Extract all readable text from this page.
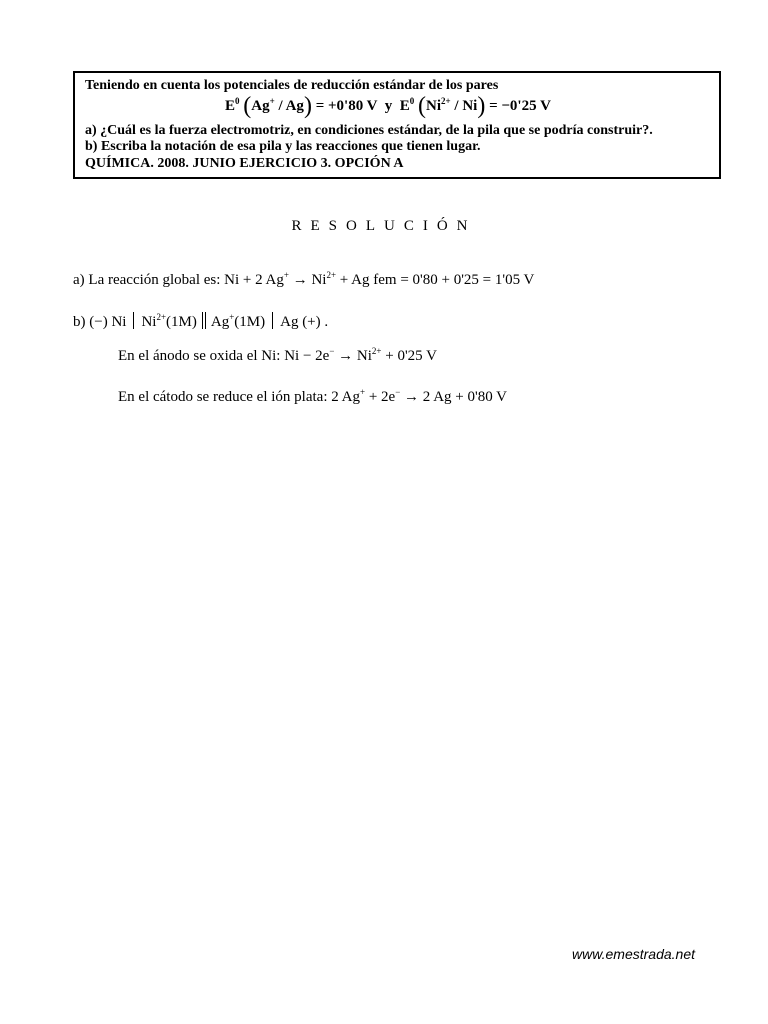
Teniendo en cuenta los potenciales de reducción estándar de los pares
$E^0$ (Ag+ / Ag) = +0'80 V y $E^0$ $(Ni^{2+} / Ni) = -0'25$ V
a) ¿Cuál es la fuerza electromotriz, en condiciones estándar, de la pila que se podría construir?.
b) Escriba la notación de esa pila y las reacciones que tienen lugar.
QUÍMICA. 2008. JUNIO EJERCICIO 3. OPCIÓN A
RESOLUCIÓN
a) La reacción global es: Ni + 2 $Ag^+ \to Ni^{2+} + Ag$ fem = 0'80 + 0'25 = 1'05 V
b) (−) Ni $Ni^{2+}(1M)$ Ag+(1M) Ag (+) .
En el ánodo se oxida el Ni: $Ni - 2e^- \to Ni^{2+} + 0'25$ V
En el cátodo se reduce el ión plata: 2 Ag+ + 2e− → 2 Ag + 0'80 V
www.emestrada.net
